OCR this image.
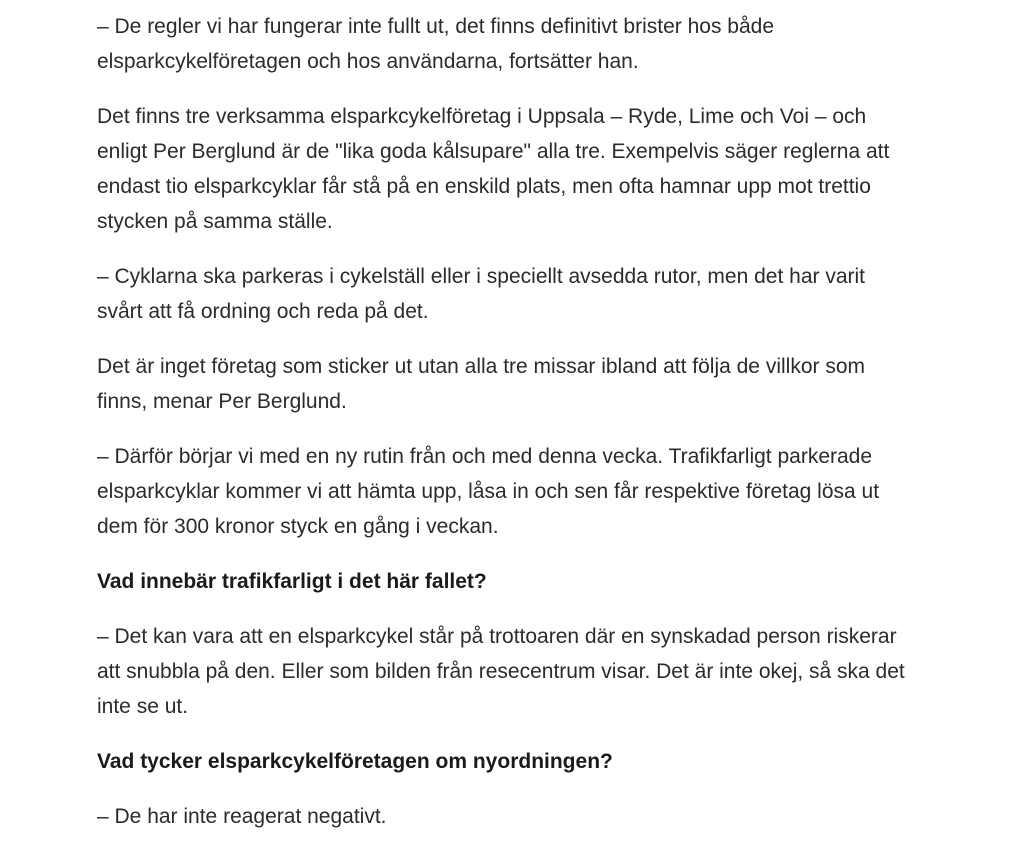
– De regler vi har fungerar inte fullt ut, det finns definitivt brister hos både elsparkcykelföretagen och hos användarna, fortsätter han.

Det finns tre verksamma elsparkcykelföretag i Uppsala – Ryde, Lime och Voi – och enligt Per Berglund är de "lika goda kålsupare" alla tre. Exempelvis säger reglerna att endast tio elsparkcyklar får stå på en enskild plats, men ofta hamnar upp mot trettio stycken på samma ställe.

– Cyklarna ska parkeras i cykelställ eller i speciellt avsedda rutor, men det har varit svårt att få ordning och reda på det.

Det är inget företag som sticker ut utan alla tre missar ibland att följa de villkor som finns, menar Per Berglund.

– Därför börjar vi med en ny rutin från och med denna vecka. Trafikfarligt parkerade elsparkcyklar kommer vi att hämta upp, låsa in och sen får respektive företag lösa ut dem för 300 kronor styck en gång i veckan.

Vad innebär trafikfarligt i det här fallet?

– Det kan vara att en elsparkcykel står på trottoaren där en synskadad person riskerar att snubbla på den. Eller som bilden från resecentrum visar. Det är inte okej, så ska det inte se ut.

Vad tycker elsparkcykelföretagen om nyordningen?

– De har inte reagerat negativt.
